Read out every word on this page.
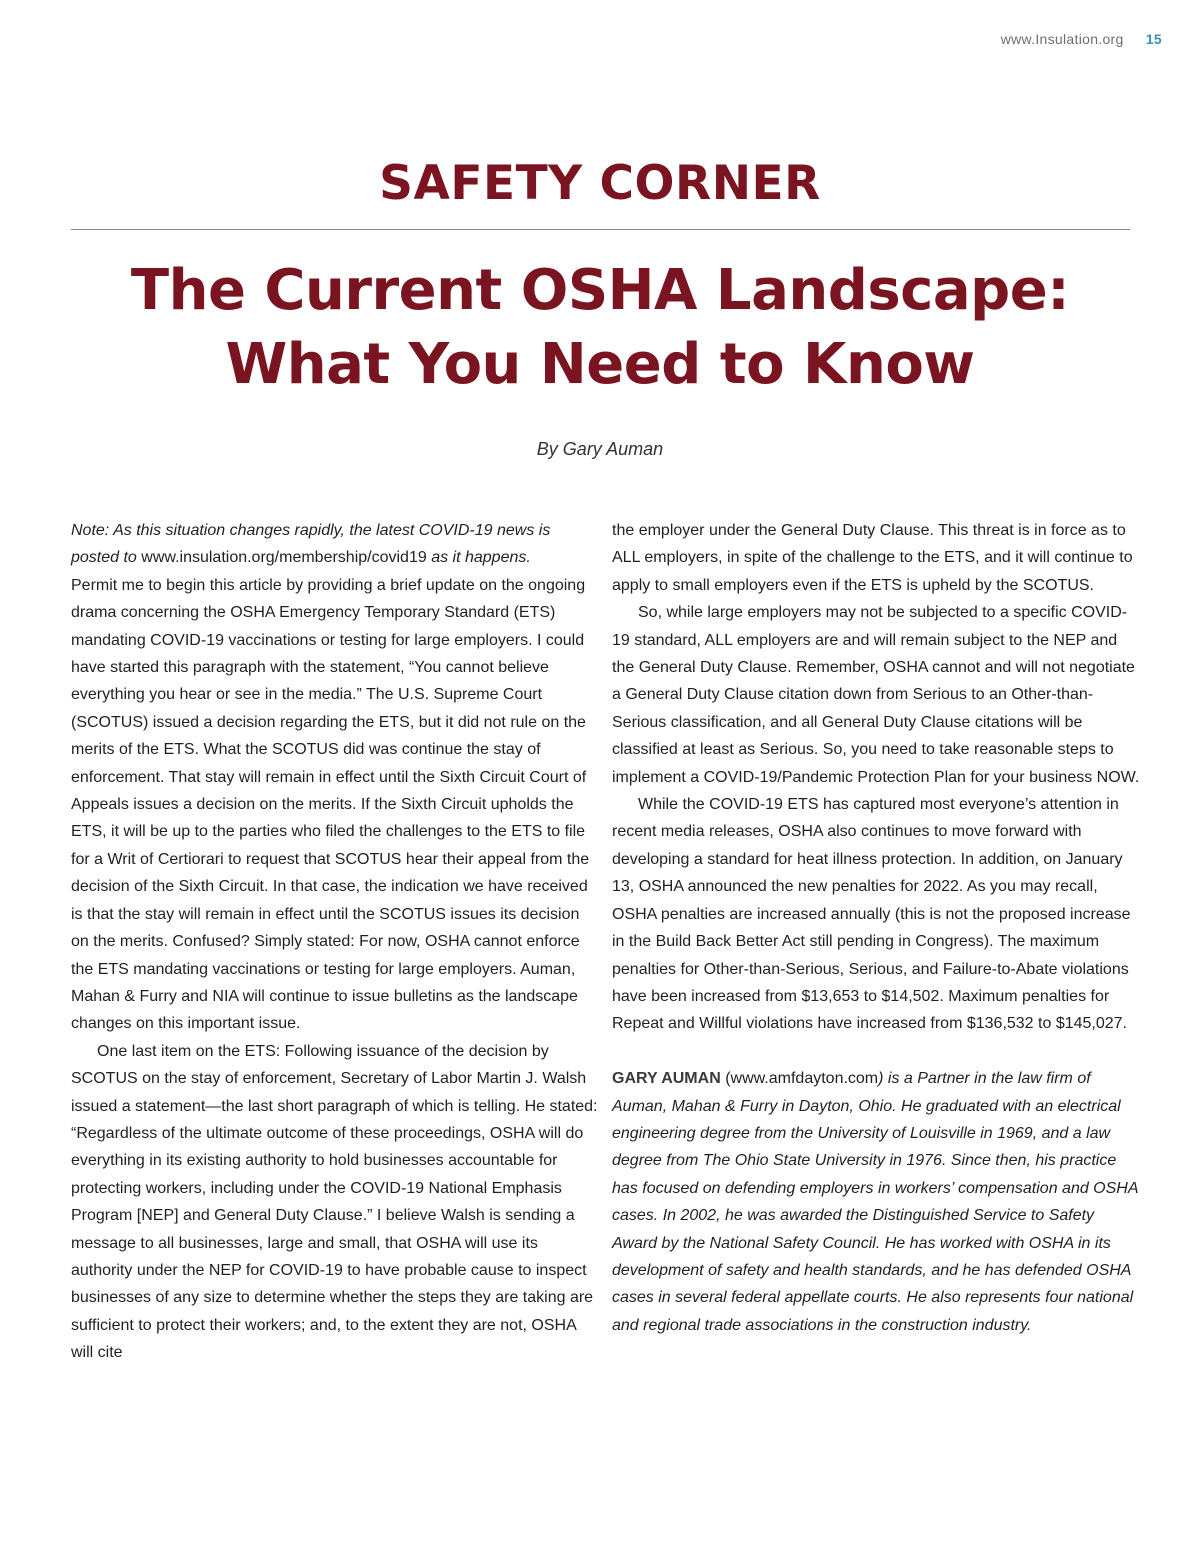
www.Insulation.org 15
SAFETY CORNER
The Current OSHA Landscape:
What You Need to Know
By Gary Auman

Note: As this situation changes rapidly, the latest COVID-19 news is posted to www.insulation.org/membership/covid19 as it happens.

Permit me to begin this article by providing a brief update on the ongoing drama concerning the OSHA Emergency Temporary Standard (ETS) mandating COVID-19 vaccinations or testing for large employers. I could have started this paragraph with the statement, “You cannot believe everything you hear or see in the media.” The U.S. Supreme Court (SCOTUS) issued a decision regarding the ETS, but it did not rule on the merits of the ETS. What the SCOTUS did was continue the stay of enforcement. That stay will remain in effect until the Sixth Circuit Court of Appeals issues a decision on the merits. If the Sixth Circuit upholds the ETS, it will be up to the parties who filed the challenges to the ETS to file for a Writ of Certiorari to request that SCOTUS hear their appeal from the decision of the Sixth Circuit. In that case, the indication we have received is that the stay will remain in effect until the SCOTUS issues its decision on the merits. Confused? Simply stated: For now, OSHA cannot enforce the ETS mandating vaccinations or testing for large employers. Auman, Mahan & Furry and NIA will continue to issue bulletins as the landscape changes on this important issue.

One last item on the ETS: Following issuance of the decision by SCOTUS on the stay of enforcement, Secretary of Labor Martin J. Walsh issued a statement—the last short paragraph of which is telling. He stated: “Regardless of the ultimate outcome of these proceedings, OSHA will do everything in its existing authority to hold businesses accountable for protecting workers, including under the COVID-19 National Emphasis Program [NEP] and General Duty Clause.” I believe Walsh is sending a message to all businesses, large and small, that OSHA will use its authority under the NEP for COVID-19 to have probable cause to inspect businesses of any size to determine whether the steps they are taking are sufficient to protect their workers; and, to the extent they are not, OSHA will cite

the employer under the General Duty Clause. This threat is in force as to ALL employers, in spite of the challenge to the ETS, and it will continue to apply to small employers even if the ETS is upheld by the SCOTUS.

So, while large employers may not be subjected to a specific COVID-19 standard, ALL employers are and will remain subject to the NEP and the General Duty Clause. Remember, OSHA cannot and will not negotiate a General Duty Clause citation down from Serious to an Other-than-Serious classification, and all General Duty Clause citations will be classified at least as Serious. So, you need to take reasonable steps to implement a COVID-19/Pandemic Protection Plan for your business NOW.

While the COVID-19 ETS has captured most everyone’s attention in recent media releases, OSHA also continues to move forward with developing a standard for heat illness protection. In addition, on January 13, OSHA announced the new penalties for 2022. As you may recall, OSHA penalties are increased annually (this is not the proposed increase in the Build Back Better Act still pending in Congress). The maximum penalties for Other-than-Serious, Serious, and Failure-to-Abate violations have been increased from $13,653 to $14,502. Maximum penalties for Repeat and Willful violations have increased from $136,532 to $145,027.

GARY AUMAN (www.amfdayton.com) is a Partner in the law firm of Auman, Mahan & Furry in Dayton, Ohio. He graduated with an electrical engineering degree from the University of Louisville in 1969, and a law degree from The Ohio State University in 1976. Since then, his practice has focused on defending employers in workers’ compensation and OSHA cases. In 2002, he was awarded the Distinguished Service to Safety Award by the National Safety Council. He has worked with OSHA in its development of safety and health standards, and he has defended OSHA cases in several federal appellate courts. He also represents four national and regional trade associations in the construction industry.
